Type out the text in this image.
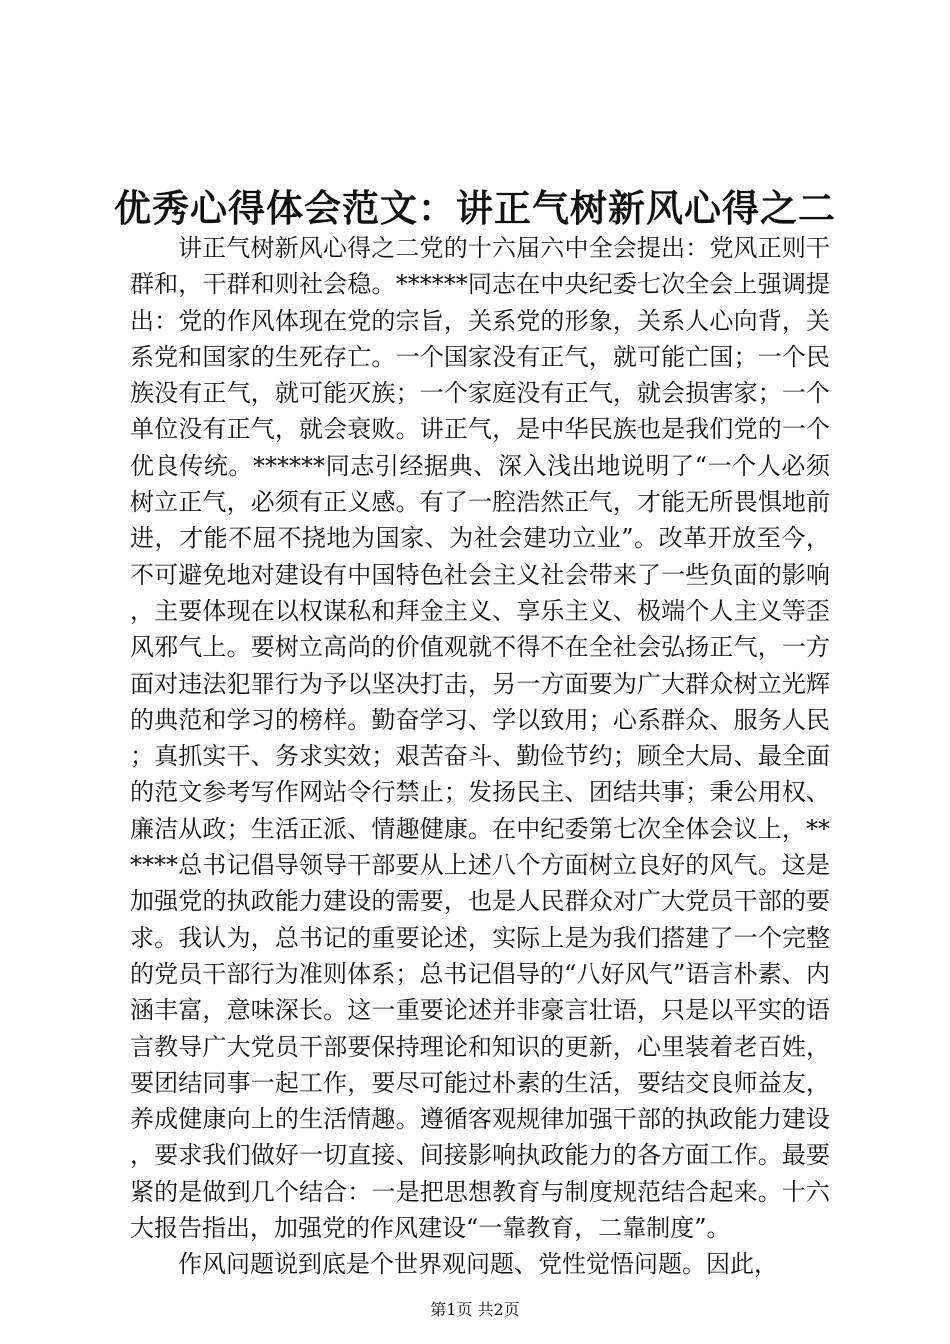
优秀心得体会范文：讲正气树新风心得之二

讲正气树新风心得之二党的十六届六中全会提出：党风正则干群和，干群和则社会稳。******同志在中央纪委七次全会上强调提出：党的作风体现在党的宗旨，关系党的形象，关系人心向背，关系党和国家的生死存亡。一个国家没有正气，就可能亡国；一个民族没有正气，就可能灭族；一个家庭没有正气，就会损害家；一个单位没有正气，就会衰败。讲正气，是中华民族也是我们党的一个优良传统。******同志引经据典、深入浅出地说明了“一个人必须树立正气，必须有正义感。有了一腔浩然正气，才能无所畏惧地前进，才能不屈不挠地为国家、为社会建功立业”。改革开放至今，不可避免地对建设有中国特色社会主义社会带来了一些负面的影响，主要体现在以权谋私和拜金主义、享乐主义、极端个人主义等歪风邪气上。要树立高尚的价值观就不得不在全社会弘扬正气，一方面对违法犯罪行为予以坚决打击，另一方面要为广大群众树立光辉的典范和学习的榜样。勤奋学习、学以致用；心系群众、服务人民；真抓实干、务求实效；艰苦奋斗、勤俭节约；顾全大局、最全面的范文参考写作网站令行禁止；发扬民主、团结共事；秉公用权、廉洁从政；生活正派、情趣健康。在中纪委第七次全体会议上，******总书记倡导领导干部要从上述八个方面树立良好的风气。这是加强党的执政能力建设的需要，也是人民群众对广大党员干部的要求。我认为，总书记的重要论述，实际上是为我们搭建了一个完整的党员干部行为准则体系；总书记倡导的“八好风气”语言朴素、内涵丰富，意味深长。这一重要论述并非豪言壮语，只是以平实的语言教导广大党员干部要保持理论和知识的更新，心里装着老百姓，要团结同事一起工作，要尽可能过朴素的生活，要结交良师益友，养成健康向上的生活情趣。遵循客观规律加强干部的执政能力建设，要求我们做好一切直接、间接影响执政能力的各方面工作。最要紧的是做到几个结合：一是把思想教育与制度规范结合起来。十六大报告指出，加强党的作风建设“一靠教育，二靠制度”。

作风问题说到底是个世界观问题、党性觉悟问题。因此，

第1页 共2页
